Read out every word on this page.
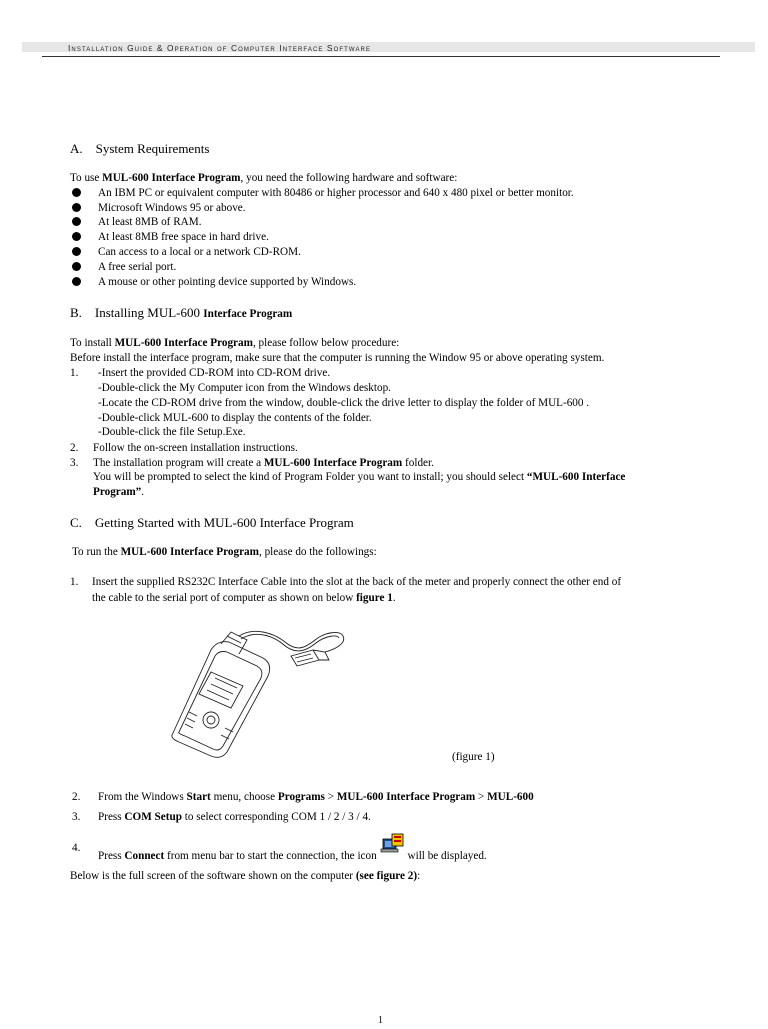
Installation Guide & Operation of Computer Interface Software
A. System Requirements
To use MUL-600 Interface Program, you need the following hardware and software:
An IBM PC or equivalent computer with 80486 or higher processor and 640 x 480 pixel or better monitor.
Microsoft Windows 95 or above.
At least 8MB of RAM.
At least 8MB free space in hard drive.
Can access to a local or a network CD-ROM.
A free serial port.
A mouse or other pointing device supported by Windows.
B. Installing MUL-600 Interface Program
To install MUL-600 Interface Program, please follow below procedure:
Before install the interface program, make sure that the computer is running the Window 95 or above operating system.
1. -Insert the provided CD-ROM into CD-ROM drive.
-Double-click the My Computer icon from the Windows desktop.
-Locate the CD-ROM drive from the window, double-click the drive letter to display the folder of MUL-600 .
-Double-click MUL-600 to display the contents of the folder.
-Double-click the file Setup.Exe.
2. Follow the on-screen installation instructions.
3. The installation program will create a MUL-600 Interface Program folder.
You will be prompted to select the kind of Program Folder you want to install; you should select “MUL-600 Interface
Program”.
C. Getting Started with MUL-600 Interface Program
To run the MUL-600 Interface Program, please do the followings:
1. Insert the supplied RS232C Interface Cable into the slot at the back of the meter and properly connect the other end of
the cable to the serial port of computer as shown on below figure 1.
(figure 1)
2. From the Windows Start menu, choose Programs > MUL-600 Interface Program > MUL-600
3. Press COM Setup to select corresponding COM 1 / 2 / 3 / 4.
4.
Press Connect from menu bar to start the connection, the icon	will be displayed.
Below is the full screen of the software shown on the computer (see figure 2):
1
